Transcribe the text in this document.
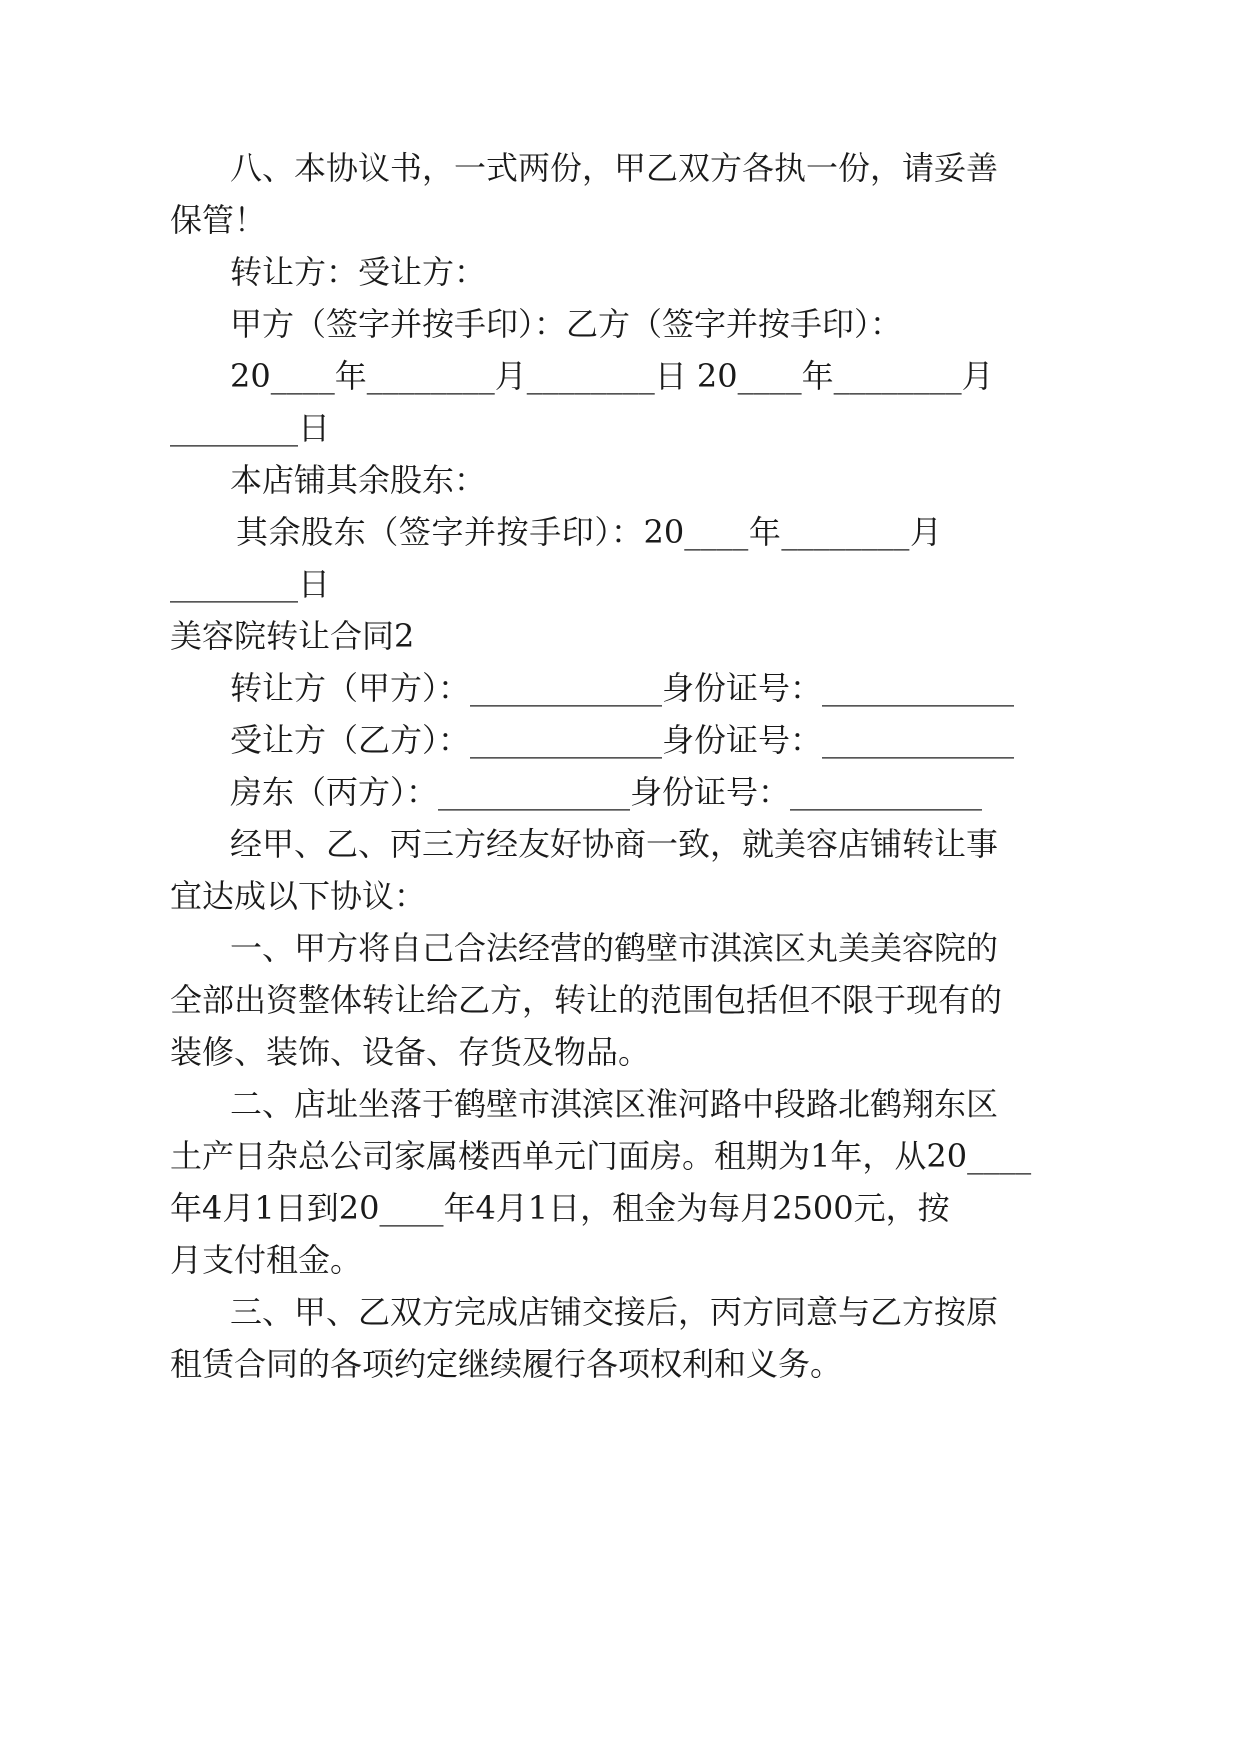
八、本协议书，一式两份，甲乙双方各执一份，请妥善

保管！

转让方：受让方：

甲方（签字并按手印）：乙方（签字并按手印）：

20____年________月________日 20____年________月

________日

本店铺其余股东：

其余股东（签字并按手印）：20____年________月

________日

美容院转让合同2

转让方（甲方）：____________身份证号：____________

受让方（乙方）：____________身份证号：____________

房东（丙方）：____________身份证号：____________

经甲、乙、丙三方经友好协商一致，就美容店铺转让事

宜达成以下协议：

一、甲方将自己合法经营的鹤壁市淇滨区丸美美容院的

全部出资整体转让给乙方，转让的范围包括但不限于现有的

装修、装饰、设备、存货及物品。

二、店址坐落于鹤壁市淇滨区淮河路中段路北鹤翔东区

土产日杂总公司家属楼西单元门面房。租期为1年，从20____

年4月1日到20____年4月1日，租金为每月2500元，按

月支付租金。

三、甲、乙双方完成店铺交接后，丙方同意与乙方按原

租赁合同的各项约定继续履行各项权利和义务。
